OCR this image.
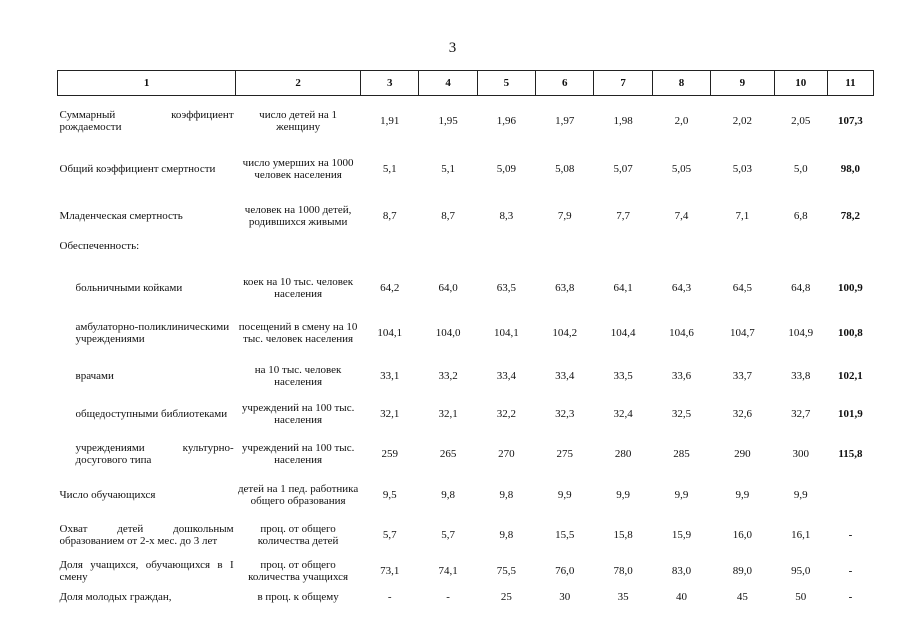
3
1	2	3	4	5	6	7	8	9	10	11
Суммарный коэффициент рождаемости	число детей на 1 женщину	1,91	1,95	1,96	1,97	1,98	2,0	2,02	2,05	107,3
Общий коэффициент смертности	число умерших на 1000 человек населения	5,1	5,1	5,09	5,08	5,07	5,05	5,03	5,0	98,0
Младенческая смертность	человек на 1000 детей, родившихся живыми	8,7	8,7	8,3	7,9	7,7	7,4	7,1	6,8	78,2
Обеспеченность:										
больничными койками	коек на 10 тыс. человек населения	64,2	64,0	63,5	63,8	64,1	64,3	64,5	64,8	100,9
амбулаторно-поликлиническими учреждениями	посещений в смену на 10 тыс. человек населения	104,1	104,0	104,1	104,2	104,4	104,6	104,7	104,9	100,8
врачами	на 10 тыс. человек населения	33,1	33,2	33,4	33,4	33,5	33,6	33,7	33,8	102,1
общедоступными библиотеками	учреждений на 100 тыс. населения	32,1	32,1	32,2	32,3	32,4	32,5	32,6	32,7	101,9
учреждениями культурно-досугового типа	учреждений на 100 тыс. населения	259	265	270	275	280	285	290	300	115,8
Число обучающихся	детей на 1 пед. работника общего образования	9,5	9,8	9,8	9,9	9,9	9,9	9,9	9,9	
Охват детей дошкольным образованием от 2-х мес. до 3 лет	проц. от общего количества детей	5,7	5,7	9,8	15,5	15,8	15,9	16,0	16,1	-
Доля учащихся, обучающихся в I смену	проц. от общего количества учащихся	73,1	74,1	75,5	76,0	78,0	83,0	89,0	95,0	-
Доля молодых граждан,	в проц. к общему	-	-	25	30	35	40	45	50	-
